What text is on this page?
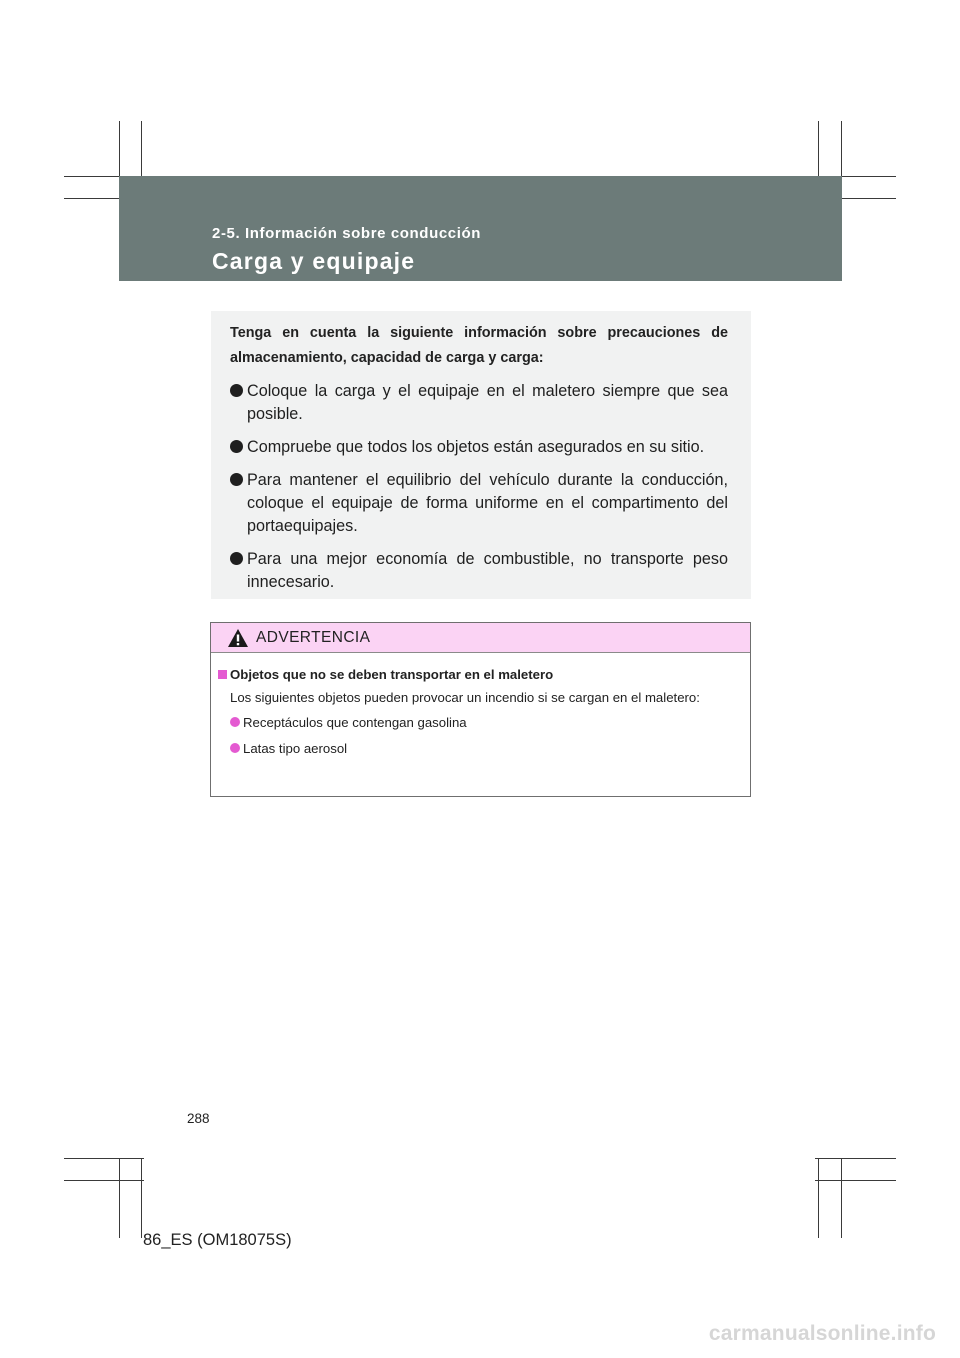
2-5. Información sobre conducción
Carga y equipaje

Tenga en cuenta la siguiente información sobre precauciones de almacenamiento, capacidad de carga y carga:

Coloque la carga y el equipaje en el maletero siempre que sea posible.
Compruebe que todos los objetos están asegurados en su sitio.
Para mantener el equilibrio del vehículo durante la conducción, coloque el equipaje de forma uniforme en el compartimento del portaequipajes.
Para una mejor economía de combustible, no transporte peso innecesario.
ADVERTENCIA
Objetos que no se deben transportar en el maletero

Los siguientes objetos pueden provocar un incendio si se cargan en el maletero:

Receptáculos que contengan gasolina
Latas tipo aerosol
288
86_ES (OM18075S)
carmanualsonline.info
